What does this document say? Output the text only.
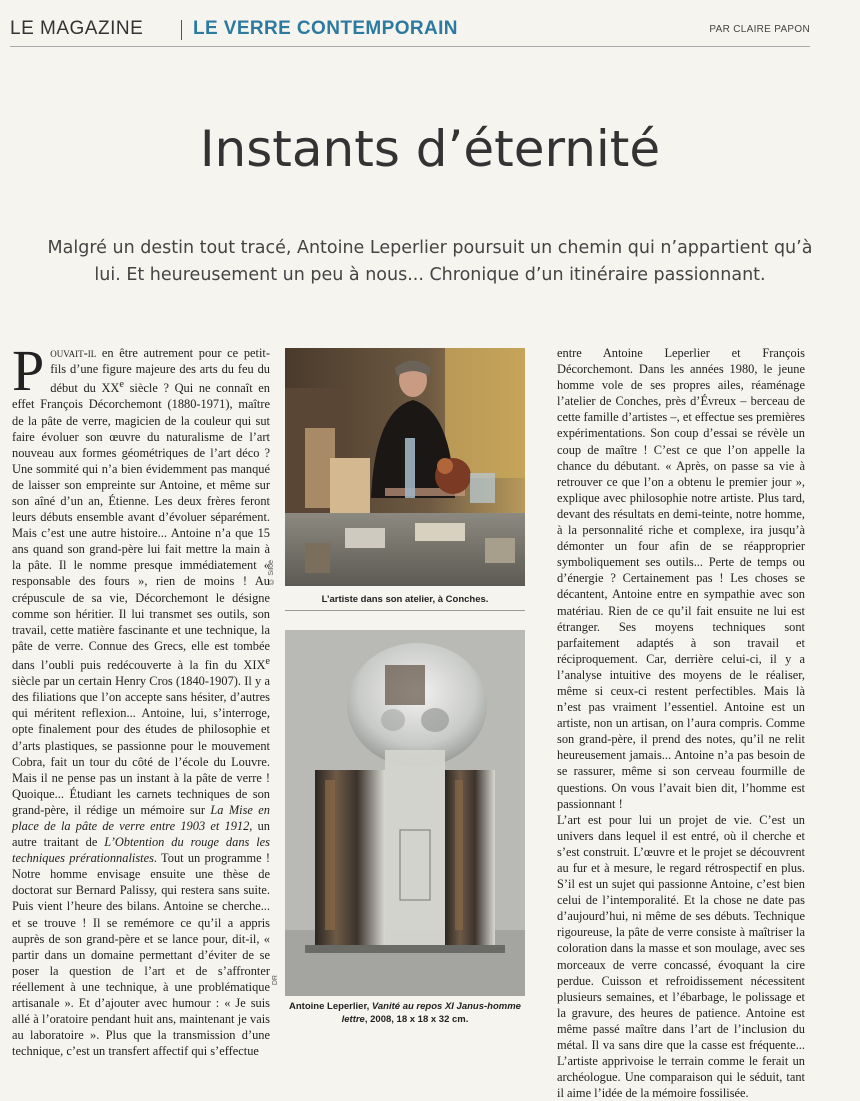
LE MAGAZINE	LE VERRE CONTEMPORAIN	PAR CLAIRE PAPON
Instants d’éternité
Malgré un destin tout tracé, Antoine Leperlier poursuit un chemin qui n’appartient qu’à lui. Et heureusement un peu à nous... Chronique d’un itinéraire passionnant.

Pouvait-il en être autrement pour ce petit-fils d’une figure majeure des arts du feu du début du XXe siècle ? Qui ne connaît en effet François Décorchemont (1880-1971), maître de la pâte de verre, magicien de la couleur qui sut faire évoluer son œuvre du naturalisme de l’art nouveau aux formes géométriques de l’art déco ? Une sommité qui n’a bien évidemment pas manqué de laisser son empreinte sur Antoine, et même sur son aîné d’un an, Étienne. Les deux frères feront leurs débuts ensemble avant d’évoluer séparément. Mais c’est une autre histoire... Antoine n’a que 15 ans quand son grand-père lui fait mettre la main à la pâte. Il le nomme presque immédiatement « responsable des fours », rien de moins ! Au crépuscule de sa vie, Décorchemont le désigne comme son héritier. Il lui transmet ses outils, son travail, cette matière fascinante et une technique, la pâte de verre. Connue des Grecs, elle est tombée dans l’oubli puis redécouverte à la fin du XIXe siècle par un certain Henry Cros (1840-1907). Il y a des filiations que l’on accepte sans hésiter, d’autres qui méritent reflexion... Antoine, lui, s’interroge, opte finalement pour des études de philosophie et d’arts plastiques, se passionne pour le mouvement Cobra, fait un tour du côté de l’école du Louvre. Mais il ne pense pas un instant à la pâte de verre ! Quoique... Étudiant les carnets techniques de son grand-père, il rédige un mémoire sur La Mise en place de la pâte de verre entre 1903 et 1912, un autre traitant de L’Obtention du rouge dans les techniques prérationnalistes. Tout un programme ! Notre homme envisage ensuite une thèse de doctorat sur Bernard Palissy, qui restera sans suite. Puis vient l’heure des bilans. Antoine se cherche... et se trouve ! Il se remémore ce qu’il a appris auprès de son grand-père et se lance pour, dit-il, « partir dans un domaine permettant d’éviter de se poser la question de l’art et de s’affronter réellement à une technique, à une problématique artisanale ». Et d’ajouter avec humour : « Je suis allé à l’oratoire pendant huit ans, maintenant je vais au laboratoire ». Plus que la transmission d’une technique, c’est un transfert affectif qui s’effectue

© Siloé
L’artiste dans son atelier, à Conches.
DR
Antoine Leperlier, Vanité au repos XI Janus-homme lettre, 2008, 18 x 18 x 32 cm.

entre Antoine Leperlier et François Décorchemont. Dans les années 1980, le jeune homme vole de ses propres ailes, réaménage l’atelier de Conches, près d’Évreux – berceau de cette famille d’artistes –, et effectue ses premières expérimentations. Son coup d’essai se révèle un coup de maître ! C’est ce que l’on appelle la chance du débutant. « Après, on passe sa vie à retrouver ce que l’on a obtenu le premier jour », explique avec philosophie notre artiste. Plus tard, devant des résultats en demi-teinte, notre homme, à la personnalité riche et complexe, ira jusqu’à démonter un four afin de se réapproprier symboliquement ses outils... Perte de temps ou d’énergie ? Certainement pas ! Les choses se décantent, Antoine entre en sympathie avec son matériau. Rien de ce qu’il fait ensuite ne lui est étranger. Ses moyens techniques sont parfaitement adaptés à son travail et réciproquement. Car, derrière celui-ci, il y a l’analyse intuitive des moyens de le réaliser, même si ceux-ci restent perfectibles. Mais là n’est pas vraiment l’essentiel. Antoine est un artiste, non un artisan, on l’aura compris. Comme son grand-père, il prend des notes, qu’il ne relit heureusement jamais... Antoine n’a pas besoin de se rassurer, même si son cerveau fourmille de questions. On vous l’avait bien dit, l’homme est passionnant !

L’art est pour lui un projet de vie. C’est un univers dans lequel il est entré, où il cherche et s’est construit. L’œuvre et le projet se découvrent au fur et à mesure, le regard rétrospectif en plus. S’il est un sujet qui passionne Antoine, c’est bien celui de l’intemporalité. Et la chose ne date pas d’aujourd’hui, ni même de ses débuts. Technique rigoureuse, la pâte de verre consiste à maîtriser la coloration dans la masse et son moulage, avec ses morceaux de verre concassé, évoquant la cire perdue. Cuisson et refroidissement nécessitent plusieurs semaines, et l’ébarbage, le polissage et la gravure, des heures de patience. Antoine est même passé maître dans l’art de l’inclusion du métal. Il va sans dire que la casse est fréquente... L’artiste apprivoise le terrain comme le ferait un archéologue. Une comparaison qui le séduit, tant il aime l’idée de la mémoire fossilisée.
